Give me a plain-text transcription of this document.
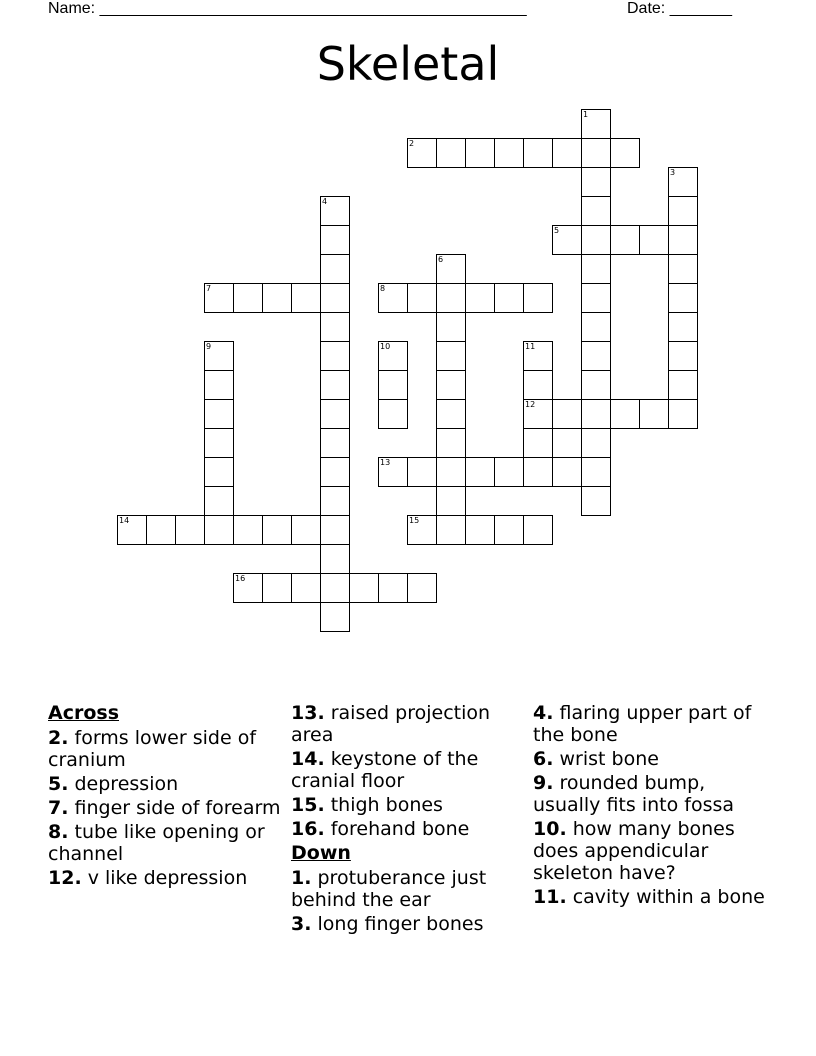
Name: ________________________________________________	Date: _______
Skeletal
1
2
3
4
5
6
7	8
9	10	11
12
13
14	15
16
Across
2. forms lower side of cranium
5. depression
7. finger side of forearm
8. tube like opening or channel
12. v like depression
13. raised projection area
14. keystone of the cranial floor
15. thigh bones
16. forehand bone
Down
1. protuberance just behind the ear
3. long finger bones
4. flaring upper part of the bone
6. wrist bone
9. rounded bump, usually fits into fossa
10. how many bones does appendicular skeleton have?
11. cavity within a bone
